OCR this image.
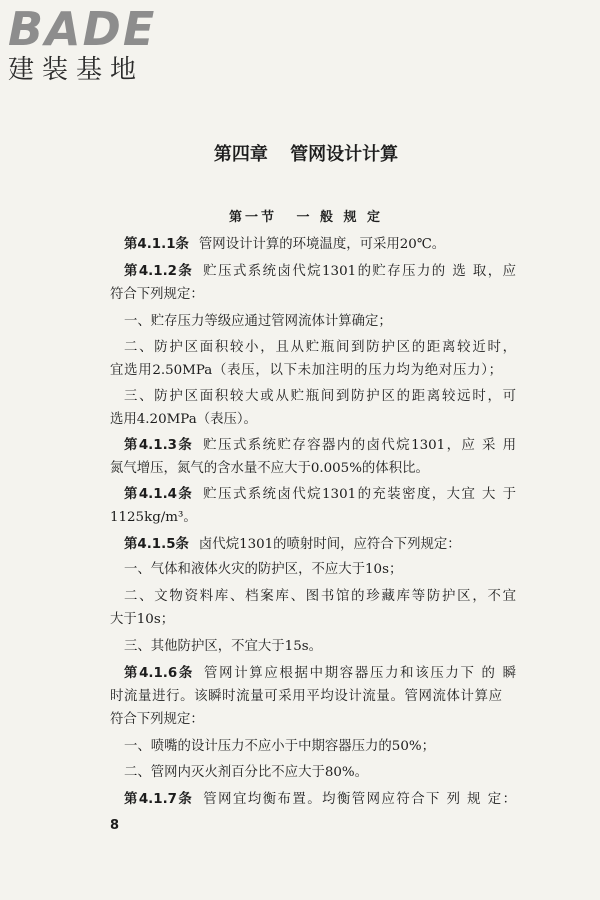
BADE
建装基地
第四章 管网设计计算
第一节 一 般 规 定
第4.1.1条 管网设计计算的环境温度，可采用20℃。
第4.1.2条 贮压式系统卤代烷1301的贮存压力的 选 取，应
符合下列规定：
一、贮存压力等级应通过管网流体计算确定；
二、防护区面积较小，且从贮瓶间到防护区的距离较近时，
宜选用2.50MPa（表压，以下未加注明的压力均为绝对压力）；
三、防护区面积较大或从贮瓶间到防护区的距离较远时，可
选用4.20MPa（表压）。
第4.1.3条 贮压式系统贮存容器内的卤代烷1301，应 采 用
氮气增压，氮气的含水量不应大于0.005%的体积比。
第4.1.4条 贮压式系统卤代烷1301的充装密度，大宜 大 于
1125kg/m³。
第4.1.5条 卤代烷1301的喷射时间，应符合下列规定：
一、气体和液体火灾的防护区，不应大于10s；
二、文物资料库、档案库、图书馆的珍藏库等防护区，不宜
大于10s；
三、其他防护区，不宜大于15s。
第4.1.6条 管网计算应根据中期容器压力和该压力下 的 瞬
时流量进行。该瞬时流量可采用平均设计流量。管网流体计算应
符合下列规定：
一、喷嘴的设计压力不应小于中期容器压力的50%；
二、管网内灭火剂百分比不应大于80%。
第4.1.7条 管网宜均衡布置。均衡管网应符合下 列 规 定：
8
